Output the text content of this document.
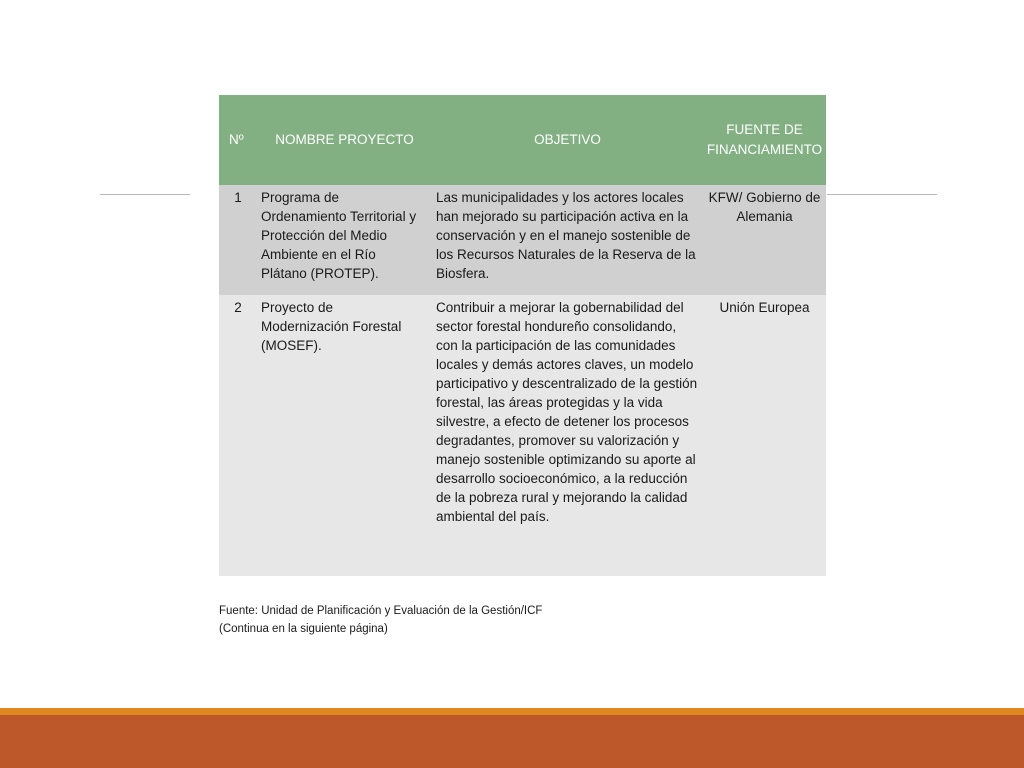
Nº	NOMBRE PROYECTO	OBJETIVO	FUENTE DE FINANCIAMIENTO
1	Programa de Ordenamiento Territorial y Protección del Medio Ambiente en el Río Plátano (PROTEP).	Las municipalidades y los actores locales han mejorado su participación activa en la conservación y en el manejo sostenible de los Recursos Naturales de la Reserva de la Biosfera.	KFW/ Gobierno de Alemania
2	Proyecto de Modernización Forestal (MOSEF).	Contribuir a mejorar la gobernabilidad del sector forestal hondureño consolidando, con la participación de las comunidades locales y demás actores claves, un modelo participativo y descentralizado de la gestión forestal, las áreas protegidas y la vida silvestre, a efecto de detener los procesos degradantes, promover su valorización y manejo sostenible optimizando su aporte al desarrollo socioeconómico, a la reducción de la pobreza rural y mejorando la calidad ambiental del país.	Unión Europea
Fuente: Unidad de Planificación y Evaluación de la Gestión/ICF
(Continua en la siguiente página)
